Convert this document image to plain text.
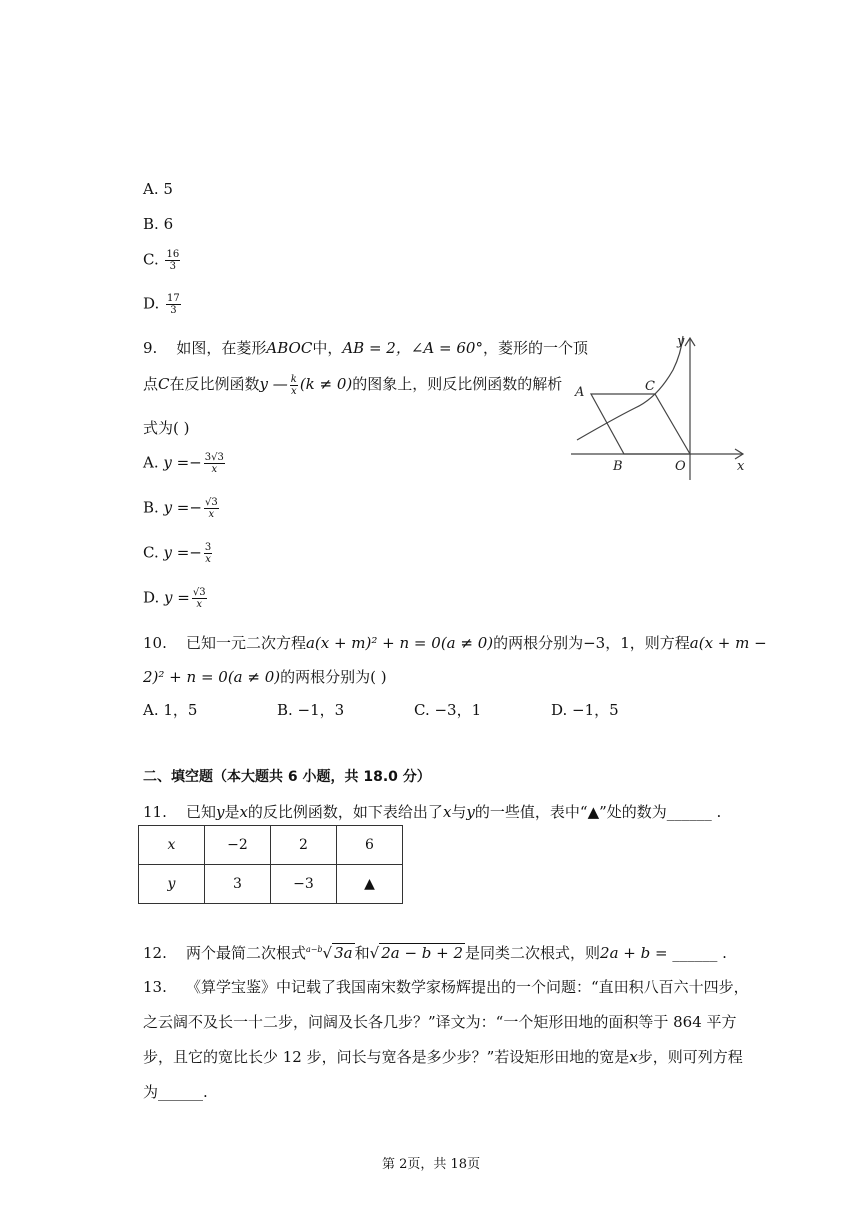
A. 5
B. 6
C. $\frac{16}{3}$
D. $\frac{17}{3}$
9. 如图，在菱形ABOC中，AB = 2，∠A = 60°，菱形的一个顶
点C在反比例函数y — $\frac{k}{x} (k \ne 0)$的图象上，则反比例函数的解析
式为( )
A. $y =- \frac{3√3}{x}$
B. $y =- \frac{√3}{x}$
C. $y =- \frac{3}{x}$
D. $y = \frac{√3}{x}$
A	C
B	O	x
y
10. 已知一元二次方程a(x + m)² + n = 0(a ≠ 0)的两根分别为−3，1，则方程a(x + m −
2)² + n = 0(a ≠ 0)的两根分别为( )
A. 1，5	B. −1，3	C. −3，1	D. −1，5
二、填空题（本大题共 6 小题，共 18.0 分）
11. 已知y是x的反比例函数，如下表给出了x与y的一些值，表中“▲”处的数为______ .
x	−2	2	6
y	3	−3	▲
12. 两个最简二次根式$^{a-b}$√ 3a 和√ 2a − b + 2 是同类二次根式，则2a + b = ______ .
13. 《算学宝鉴》中记载了我国南宋数学家杨辉提出的一个问题：“直田积八百六十四步，
之云阔不及长一十二步，问阔及长各几步？”译文为：“一个矩形田地的面积等于 864 平方
步，且它的宽比长少 12 步，问长与宽各是多少步？”若设矩形田地的宽是x步，则可列方程
为______.
第 2页，共 18页
